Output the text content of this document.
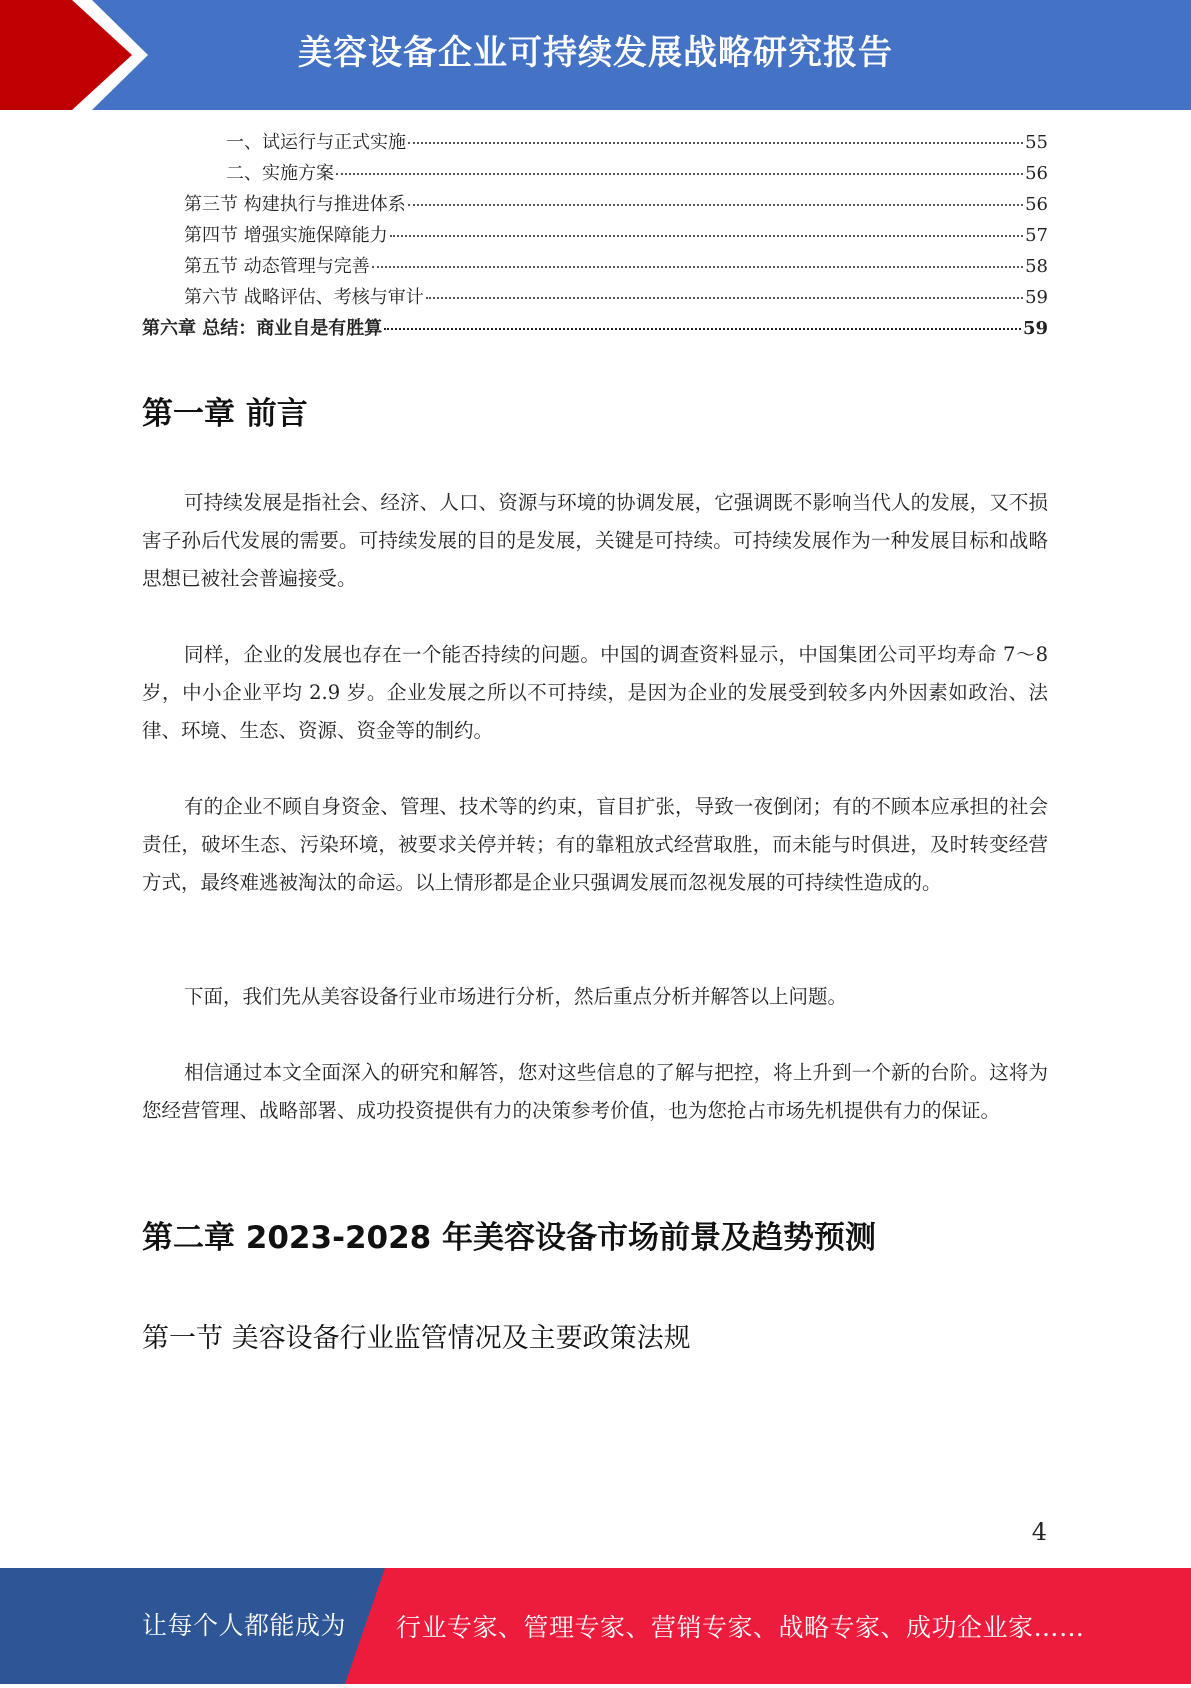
美容设备企业可持续发展战略研究报告
一、试运行与正式实施	55
二、实施方案	56
第三节 构建执行与推进体系	56
第四节 增强实施保障能力	57
第五节 动态管理与完善	58
第六节 战略评估、考核与审计	59
第六章 总结：商业自是有胜算	59
第一章 前言

可持续发展是指社会、经济、人口、资源与环境的协调发展，它强调既不影响当代人的发展，又不损害子孙后代发展的需要。可持续发展的目的是发展，关键是可持续。可持续发展作为一种发展目标和战略思想已被社会普遍接受。

同样，企业的发展也存在一个能否持续的问题。中国的调查资料显示，中国集团公司平均寿命 7～8 岁，中小企业平均 2.9 岁。企业发展之所以不可持续，是因为企业的发展受到较多内外因素如政治、法律、环境、生态、资源、资金等的制约。

有的企业不顾自身资金、管理、技术等的约束，盲目扩张，导致一夜倒闭；有的不顾本应承担的社会责任，破坏生态、污染环境，被要求关停并转；有的靠粗放式经营取胜，而未能与时俱进，及时转变经营方式，最终难逃被淘汰的命运。以上情形都是企业只强调发展而忽视发展的可持续性造成的。

下面，我们先从美容设备行业市场进行分析，然后重点分析并解答以上问题。

相信通过本文全面深入的研究和解答，您对这些信息的了解与把控，将上升到一个新的台阶。这将为您经营管理、战略部署、成功投资提供有力的决策参考价值，也为您抢占市场先机提供有力的保证。

第二章 2023-2028 年美容设备市场前景及趋势预测
第一节 美容设备行业监管情况及主要政策法规
4
让每个人都能成为 行业专家、管理专家、营销专家、战略专家、成功企业家……
